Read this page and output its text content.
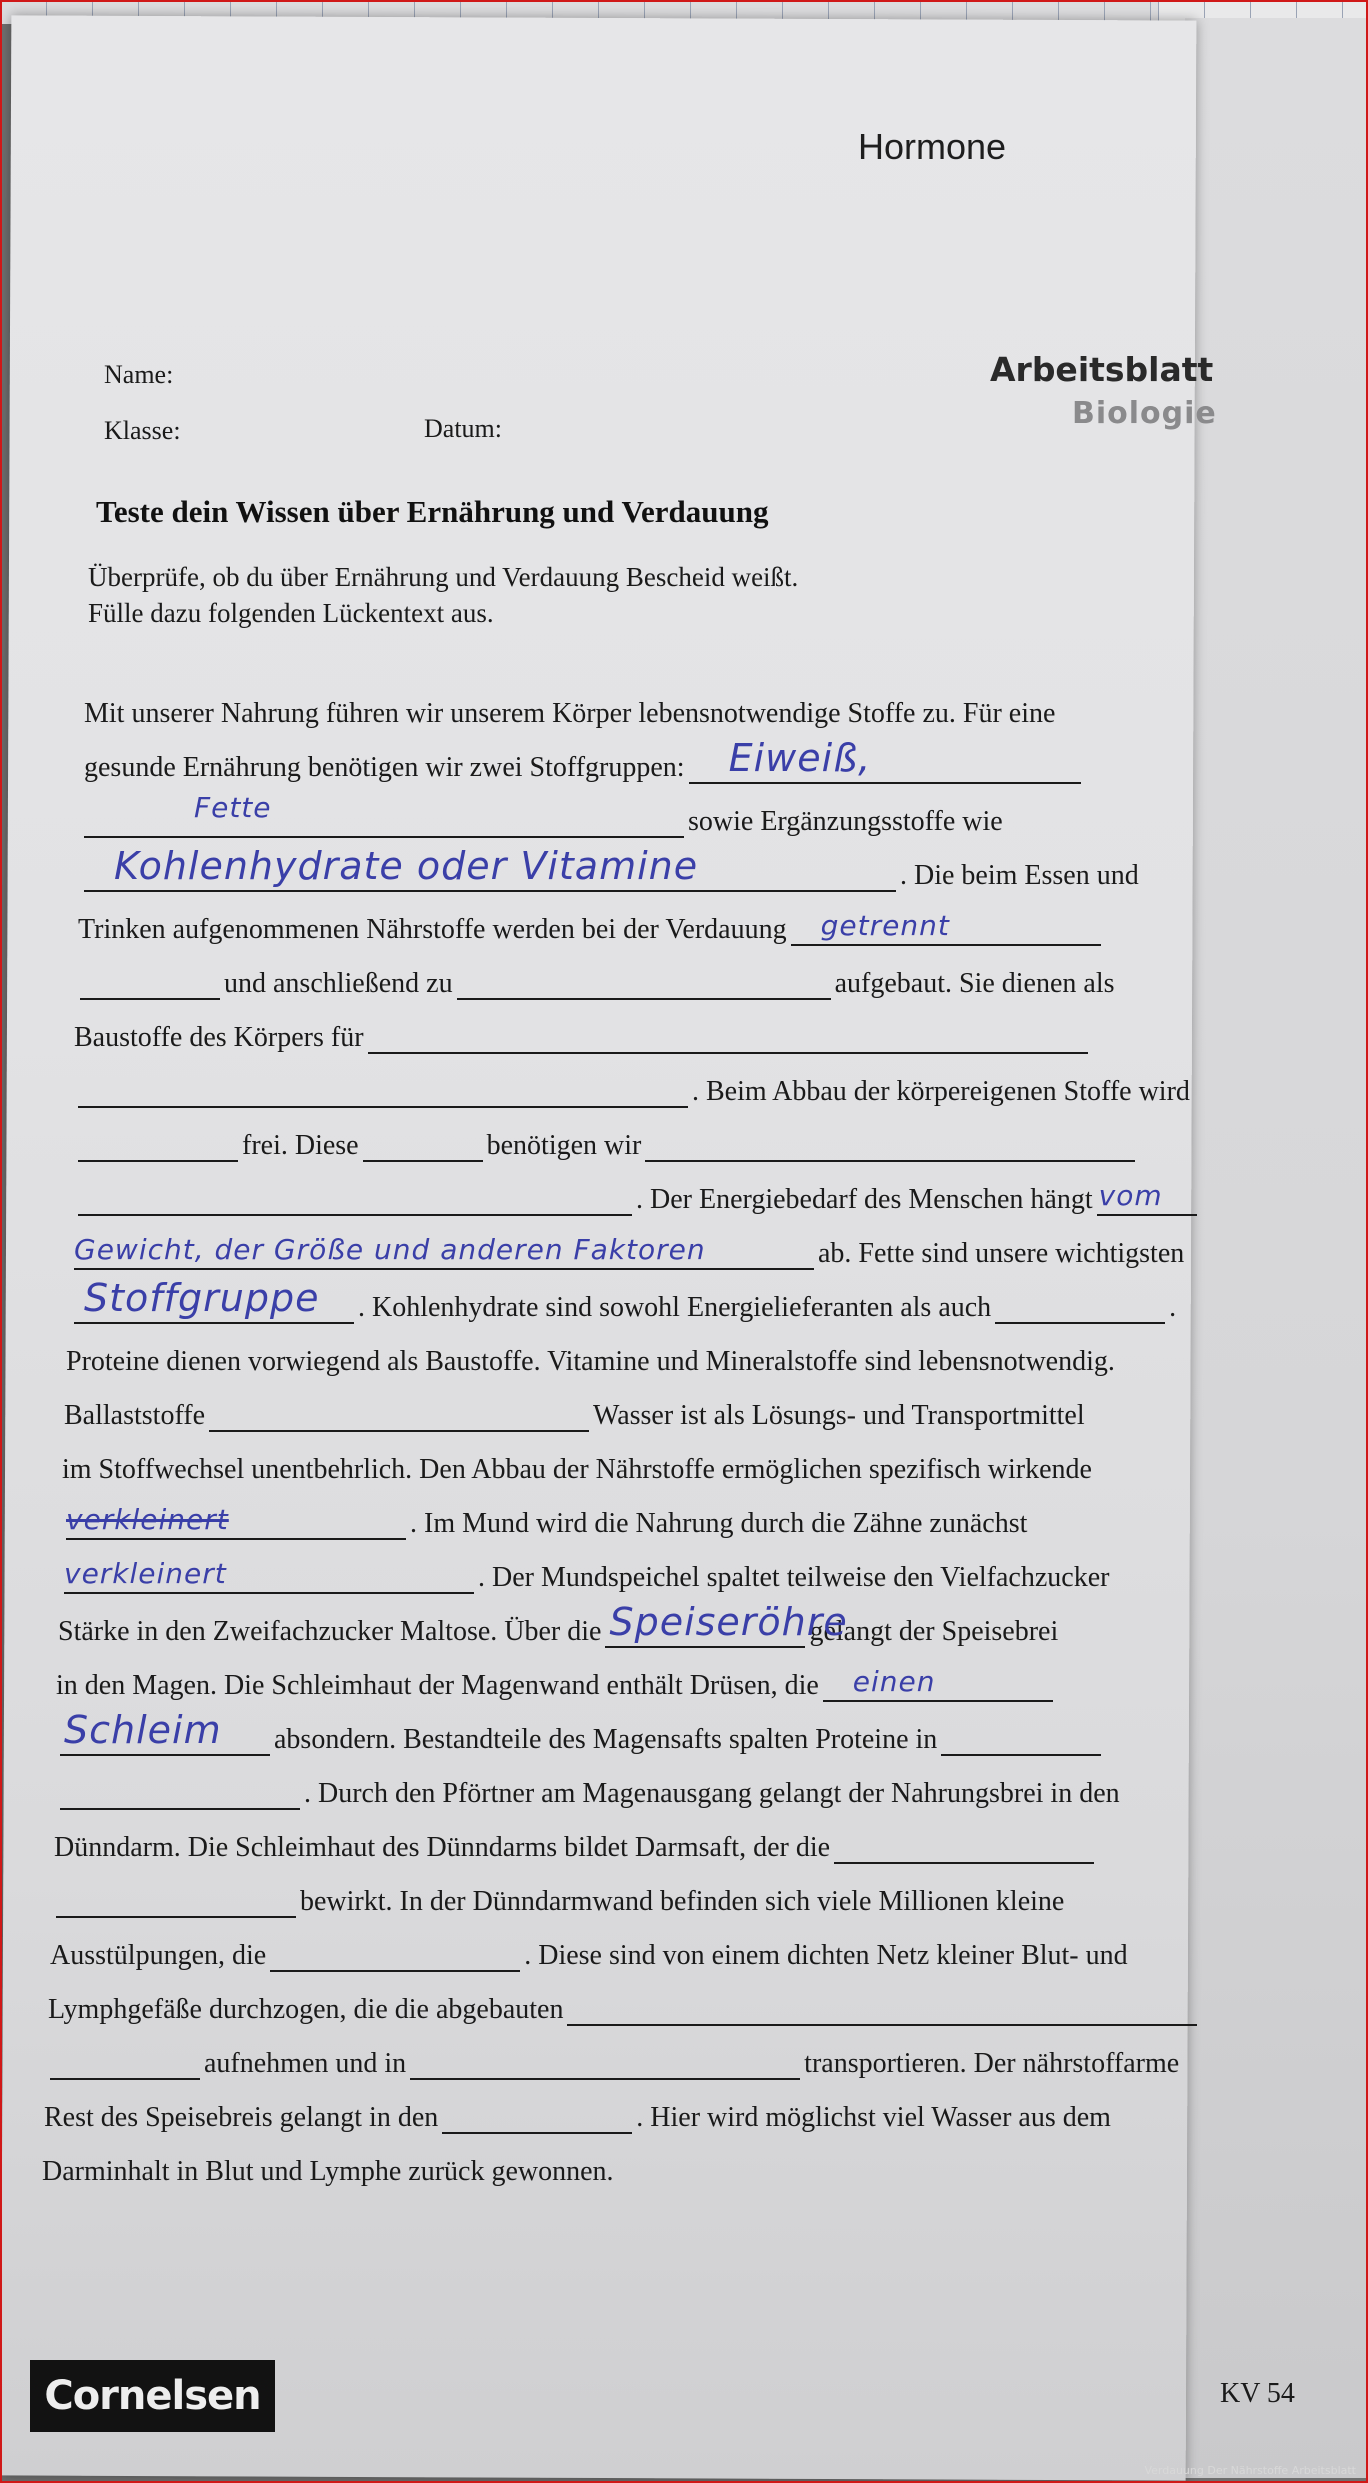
Hormone
Arbeitsblatt
Biologie
Name:
Klasse:	Datum:
Teste dein Wissen über Ernährung und Verdauung
Überprüfe, ob du über Ernährung und Verdauung Bescheid weißt.
Fülle dazu folgenden Lückentext aus.
Mit unserer Nahrung führen wir unserem Körper lebensnotwendige Stoffe zu. Für eine
gesunde Ernährung benötigen wir zwei Stoffgruppen: Eiweiß,
Fette	sowie Ergänzungsstoffe wie
Kohlenhydrate oder Vitamine	. Die beim Essen und
Trinken aufgenommenen Nährstoffe werden bei der Verdauung getrennt
und anschließend zu	aufgebaut. Sie dienen als
Baustoffe des Körpers für
. Beim Abbau der körpereigenen Stoffe wird
frei. Diese	benötigen wir
. Der Energiebedarf des Menschen hängt vom
Gewicht, der Größe und anderen Faktoren	ab. Fette sind unsere wichtigsten
Stoffgruppe . Kohlenhydrate sind sowohl Energielieferanten als auch	.
Proteine dienen vorwiegend als Baustoffe. Vitamine und Mineralstoffe sind lebensnotwendig.
Ballaststoffe	Wasser ist als Lösungs- und Transportmittel
im Stoffwechsel unentbehrlich. Den Abbau der Nährstoffe ermöglichen spezifisch wirkende
verkleinert	. Im Mund wird die Nahrung durch die Zähne zunächst
verkleinert	. Der Mundspeichel spaltet teilweise den Vielfachzucker
Stärke in den Zweifachzucker Maltose. Über die Speiseröhre
gelangt der Speisebrei
in den Magen. Die Schleimhaut der Magenwand enthält Drüsen, die einen
Schleim absondern. Bestandteile des Magensafts spalten Proteine in
. Durch den Pförtner am Magenausgang gelangt der Nahrungsbrei in den
Dünndarm. Die Schleimhaut des Dünndarms bildet Darmsaft, der die
bewirkt. In der Dünndarmwand befinden sich viele Millionen kleine
Ausstülpungen, die	. Diese sind von einem dichten Netz kleiner Blut- und
Lymphgefäße durchzogen, die die abgebauten
aufnehmen und in	transportieren. Der nährstoffarme
Rest des Speisebreis gelangt in den	. Hier wird möglichst viel Wasser aus dem
Darminhalt in Blut und Lymphe zurück gewonnen.
Cornelsen	KV 54
Verdauung Der Nährstoffe Arbeitsblatt
